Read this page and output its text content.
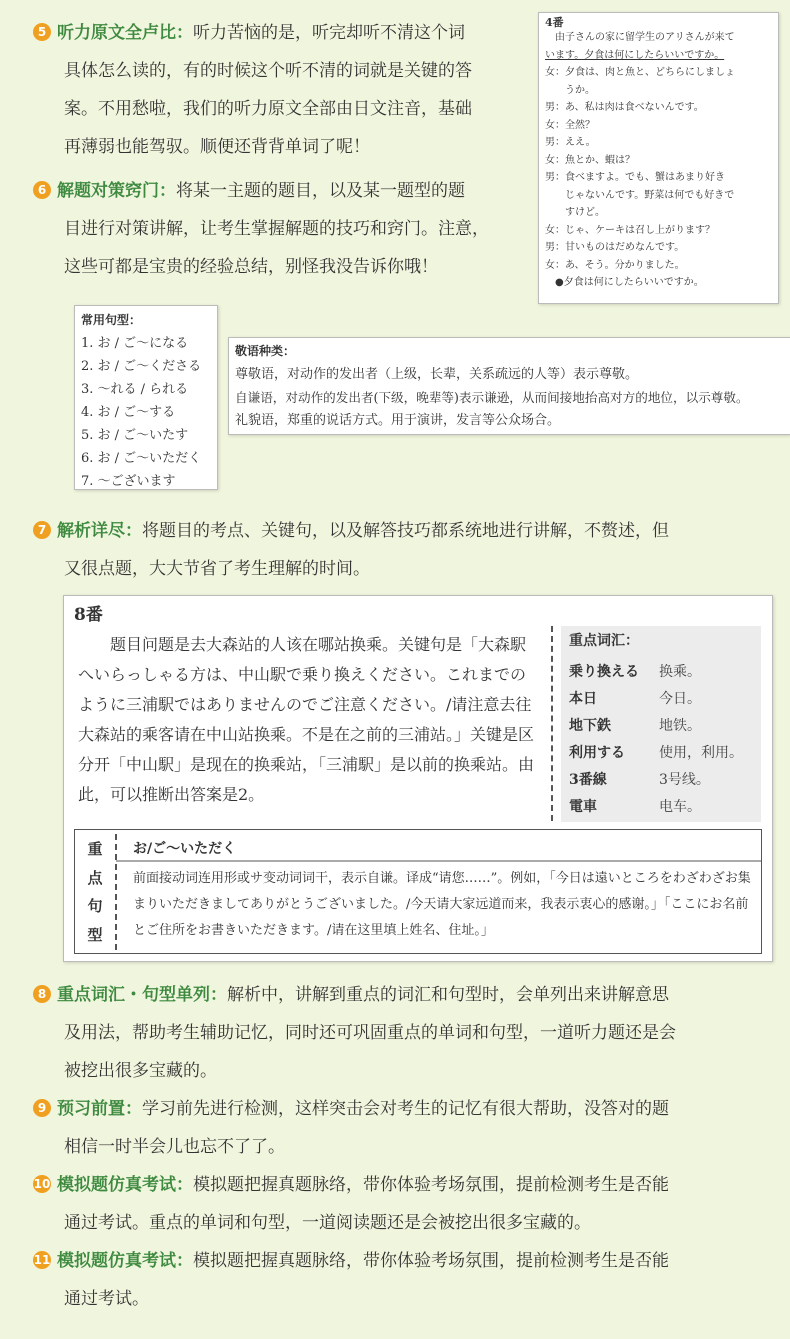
5 听力原文全卢比：听力苦恼的是，听完却听不清这个词
具体怎么读的，有的时候这个听不清的词就是关键的答
案。不用愁啦，我们的听力原文全部由日文注音，基础
再薄弱也能驾驭。顺便还背背单词了呢！
6 解题对策窍门：将某一主题的题目，以及某一题型的题
目进行对策讲解，让考生掌握解题的技巧和窍门。注意，
这些可都是宝贵的经验总结，别怪我没告诉你哦！
4番
　由子さんの家に留学生のアリさんが来て
います。夕食は何にしたらいいですか。
女：夕食は、肉と魚と、どちらにしましょ
　　うか。
男：あ、私は肉は食べないんです。
女：全然？
男：ええ。
女：魚とか、蝦は？
男：食べますよ。でも、蟹はあまり好き
　　じゃないんです。野菜は何でも好きで
　　すけど。
女：じゃ、ケーキは召し上がります？
男：甘いものはだめなんです。
女：あ、そう。分かりました。
　●夕食は何にしたらいいですか。
常用句型：
1. お / ご～になる
2. お / ご～くださる
3. ～れる / られる
4. お / ご～する
5. お / ご～いたす
6. お / ご～いただく
7. ～ございます
敬语种类：
尊敬语，对动作的发出者（上级，长辈，关系疏远的人等）表示尊敬。
自谦语，对动作的发出者(下级，晚辈等)表示谦逊，从而间接地抬高对方的地位，以示尊敬。
礼貌语，郑重的说话方式。用于演讲，发言等公众场合。
7 解析详尽：将题目的考点、关键句，以及解答技巧都系统地进行讲解，不赘述，但
又很点题，大大节省了考生理解的时间。
8番
题目问题是去大森站的人该在哪站换乘。关键句是「大森駅へいらっしゃる方は、中山駅で乗り換えください。これまでのように三浦駅ではありませんのでご注意ください。/请注意去往大森站的乘客请在中山站换乘。不是在之前的三浦站。」关键是区分开「中山駅」是现在的换乘站，「三浦駅」是以前的换乘站。由此，可以推断出答案是2。
重点词汇：
乗り換える	换乘。
本日	今日。
地下鉄	地铁。
利用する	使用，利用。
3番線	3号线。
電車	电车。
重
点
句
型
お/ご～いただく
前面接动词连用形或サ变动词词干，表示自谦。译成“请您……”。例如，「今日は遠いところをわざわざお集まりいただきましてありがとうございました。/今天请大家远道而来，我表示衷心的感谢。」「ここにお名前とご住所をお書きいただきます。/请在这里填上姓名、住址。」
8 重点词汇・句型单列：解析中，讲解到重点的词汇和句型时，会单列出来讲解意思
及用法，帮助考生辅助记忆，同时还可巩固重点的单词和句型，一道听力题还是会
被挖出很多宝藏的。
9 预习前置：学习前先进行检测，这样突击会对考生的记忆有很大帮助，没答对的题
相信一时半会儿也忘不了了。
10 模拟题仿真考试：模拟题把握真题脉络，带你体验考场氛围，提前检测考生是否能
通过考试。重点的单词和句型，一道阅读题还是会被挖出很多宝藏的。
11 模拟题仿真考试：模拟题把握真题脉络，带你体验考场氛围，提前检测考生是否能
通过考试。
